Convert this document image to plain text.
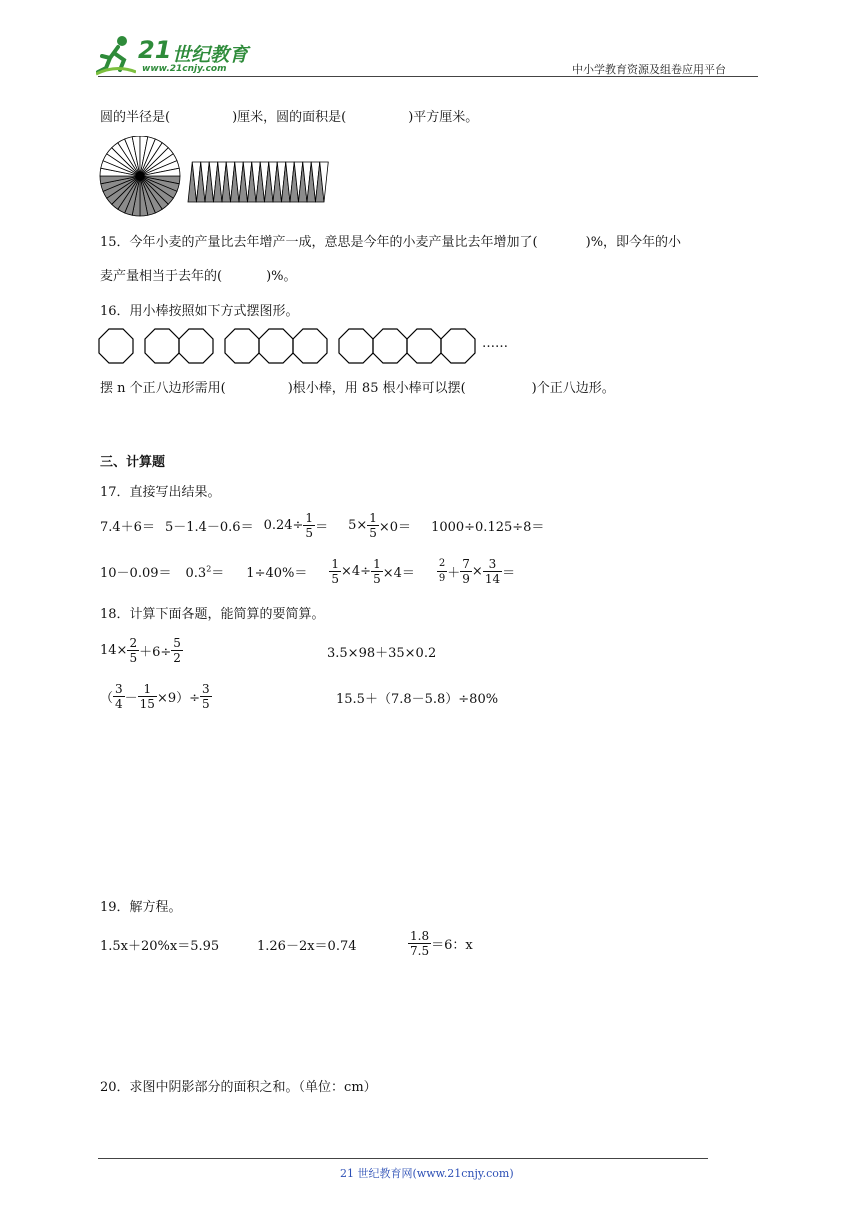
21 世纪教育
www.21cnjy.com	中小学教育资源及组卷应用平台
圆的半径是(	)厘米，圆的面积是(	)平方厘米。
15．今年小麦的产量比去年增产一成，意思是今年的小麦产量比去年增加了(	)%，即今年的小
麦产量相当于去年的(	)%。
16．用小棒按照如下方式摆图形。
……
摆 n 个正八边形需用(	)根小棒，用 85 根小棒可以摆(	)个正八边形。
三、计算题
17．直接写出结果。
$7.4+6= 5-1.4-0.6= 0.24\div \frac{1}{5} = 5\times \frac{1}{5} \times 0= 1000\div 0.125\div 8=$
$10-0.09= 0.3^2= 1\div 40\%= \frac{1}{5} \times 4\div \frac{1}{5} \times 4= \frac{2}{9} + \frac{7}{9} \times \frac{3}{14}$ ＝
18．计算下面各题，能简算的要简算。
$14\times \frac{2}{5} +6\div \frac{5}{2}$	3.5×98＋35×0.2
（ $\frac{3}{4} - \frac{1}{15} \times 9)\div \frac{3}{5}$	15.5＋（7.8－5.8）÷80%
19．解方程。
1.5x＋20%x＝5.95	1.26－2x＝0.74	$\frac{1.8}{7.5} =6$：x
20．求图中阴影部分的面积之和。（单位：cm）
21 世纪教育网(www.21cnjy.com)
